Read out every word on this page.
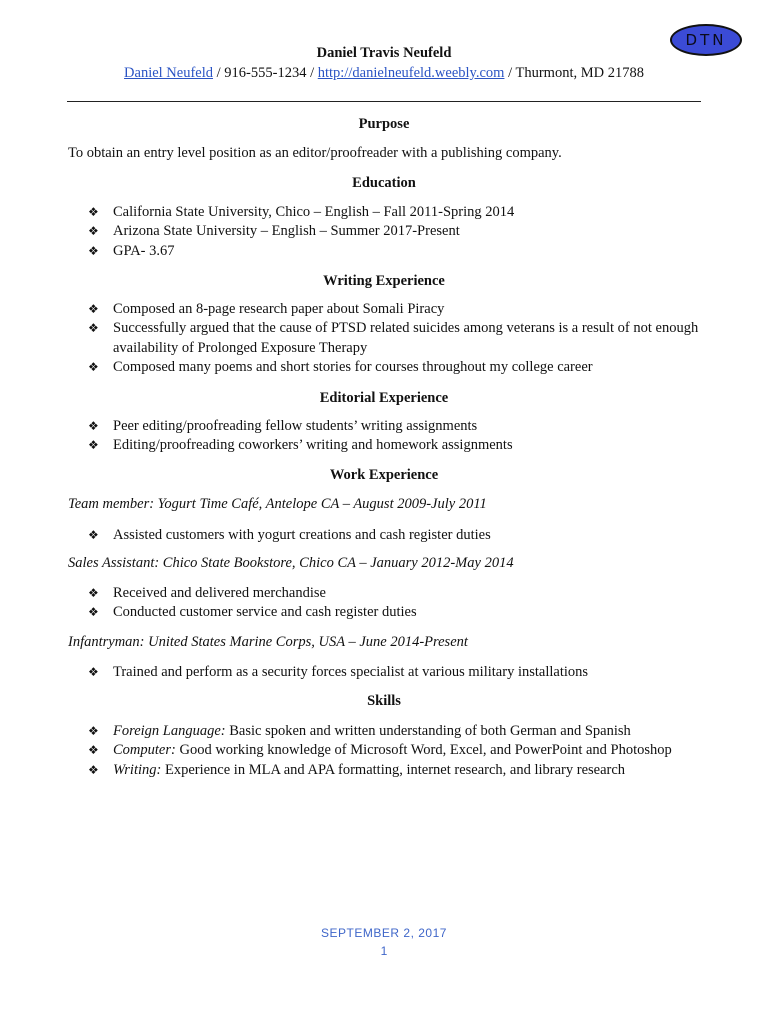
DTN
Daniel Travis Neufeld
Daniel Neufeld / 916-555-1234 / http://danielneufeld.weebly.com / Thurmont, MD 21788
Purpose
To obtain an entry level position as an editor/proofreader with a publishing company.
Education
❖ California State University, Chico – English – Fall 2011-Spring 2014
❖ Arizona State University – English – Summer 2017-Present
❖ GPA- 3.67
Writing Experience
❖ Composed an 8-page research paper about Somali Piracy
❖ Successfully argued that the cause of PTSD related suicides among veterans is a result of not enough availability of Prolonged Exposure Therapy
❖ Composed many poems and short stories for courses throughout my college career
Editorial Experience
❖ Peer editing/proofreading fellow students’ writing assignments
❖ Editing/proofreading coworkers’ writing and homework assignments
Work Experience
Team member: Yogurt Time Café, Antelope CA – August 2009-July 2011
❖ Assisted customers with yogurt creations and cash register duties
Sales Assistant: Chico State Bookstore, Chico CA – January 2012-May 2014
❖ Received and delivered merchandise
❖ Conducted customer service and cash register duties
Infantryman: United States Marine Corps, USA – June 2014-Present
❖ Trained and perform as a security forces specialist at various military installations
Skills
❖ Foreign Language: Basic spoken and written understanding of both German and Spanish
❖ Computer: Good working knowledge of Microsoft Word, Excel, and PowerPoint and Photoshop
❖ Writing: Experience in MLA and APA formatting, internet research, and library research
SEPTEMBER 2, 2017
1
